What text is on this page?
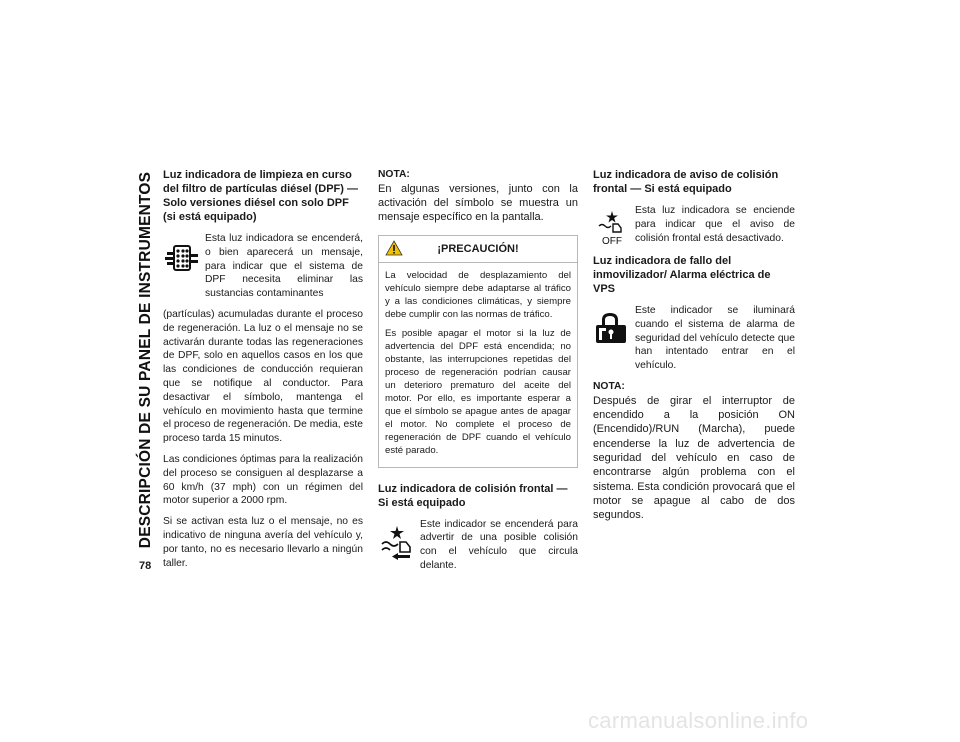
DESCRIPCIÓN DE SU PANEL DE INSTRUMENTOS
78
Luz indicadora de limpieza en curso del filtro de partículas diésel (DPF) — Solo versiones diésel con solo DPF (si está equipado)

Esta luz indicadora se encenderá, o bien aparecerá un mensaje, para indicar que el sistema de DPF necesita eliminar las sustancias contaminantes

(partículas) acumuladas durante el proceso de regeneración. La luz o el mensaje no se activarán durante todas las regeneraciones de DPF, solo en aquellos casos en los que las condiciones de conducción requieran que se notifique al conductor. Para desactivar el símbolo, mantenga el vehículo en movimiento hasta que termine el proceso de regeneración. De media, este proceso tarda 15 minutos.

Las condiciones óptimas para la realización del proceso se consiguen al desplazarse a 60 km/h (37 mph) con un régimen del motor superior a 2000 rpm.

Si se activan esta luz o el mensaje, no es indicativo de ninguna avería del vehículo y, por tanto, no es necesario llevarlo a ningún taller.

NOTA:

En algunas versiones, junto con la activación del símbolo se muestra un mensaje específico en la pantalla.

¡PRECAUCIÓN!

La velocidad de desplazamiento del vehículo siempre debe adaptarse al tráfico y a las condiciones climáticas, y siempre debe cumplir con las normas de tráfico.

Es posible apagar el motor si la luz de advertencia del DPF está encendida; no obstante, las interrupciones repetidas del proceso de regeneración podrían causar un deterioro prematuro del aceite del motor. Por ello, es importante esperar a que el símbolo se apague antes de apagar el motor. No complete el proceso de regeneración de DPF cuando el vehículo esté parado.

Luz indicadora de colisión frontal — Si está equipado

Este indicador se encenderá para advertir de una posible colisión con el vehículo que circula delante.

Luz indicadora de aviso de colisión frontal — Si está equipado
OFF

Esta luz indicadora se enciende para indicar que el aviso de colisión frontal está desactivado.

Luz indicadora de fallo del inmovilizador/ Alarma eléctrica de VPS

Este indicador se iluminará cuando el sistema de alarma de seguridad del vehículo detecte que han intentado entrar en el vehículo.

NOTA:

Después de girar el interruptor de encendido a la posición ON (Encendido)/RUN (Marcha), puede encenderse la luz de advertencia de seguridad del vehículo en caso de encontrarse algún problema con el sistema. Esta condición provocará que el motor se apague al cabo de dos segundos.

carmanualsonline.info
